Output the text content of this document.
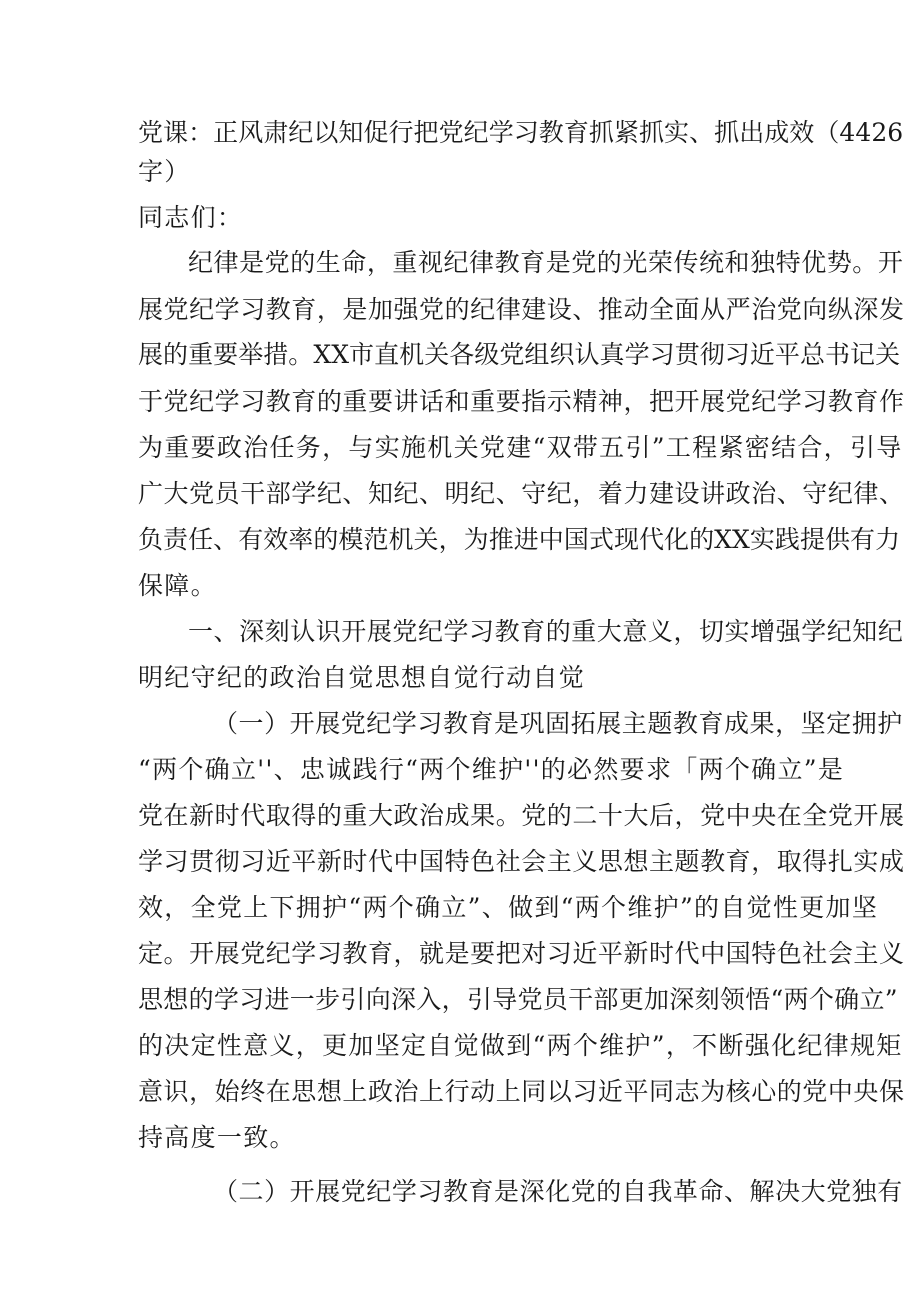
党课：正风肃纪以知促行把党纪学习教育抓紧抓实、抓出成效（4426
字）
同志们：
纪律是党的生命，重视纪律教育是党的光荣传统和独特优势。开
展党纪学习教育，是加强党的纪律建设、推动全面从严治党向纵深发
展的重要举措。XX市直机关各级党组织认真学习贯彻习近平总书记关
于党纪学习教育的重要讲话和重要指示精神，把开展党纪学习教育作
为重要政治任务，与实施机关党建“双带五引”工程紧密结合，引导
广大党员干部学纪、知纪、明纪、守纪，着力建设讲政治、守纪律、
负责任、有效率的模范机关，为推进中国式现代化的XX实践提供有力
保障。
一、深刻认识开展党纪学习教育的重大意义，切实增强学纪知纪
明纪守纪的政治自觉思想自觉行动自觉
（一）开展党纪学习教育是巩固拓展主题教育成果，坚定拥护
“两个确立''、忠诚践行“两个维护''的必然要求「两个确立”是
党在新时代取得的重大政治成果。党的二十大后，党中央在全党开展
学习贯彻习近平新时代中国特色社会主义思想主题教育，取得扎实成
效，全党上下拥护“两个确立”、做到“两个维护”的自觉性更加坚
定。开展党纪学习教育，就是要把对习近平新时代中国特色社会主义
思想的学习进一步引向深入，引导党员干部更加深刻领悟“两个确立”
的决定性意义，更加坚定自觉做到“两个维护”，不断强化纪律规矩
意识，始终在思想上政治上行动上同以习近平同志为核心的党中央保
持高度一致。
（二）开展党纪学习教育是深化党的自我革命、解决大党独有
